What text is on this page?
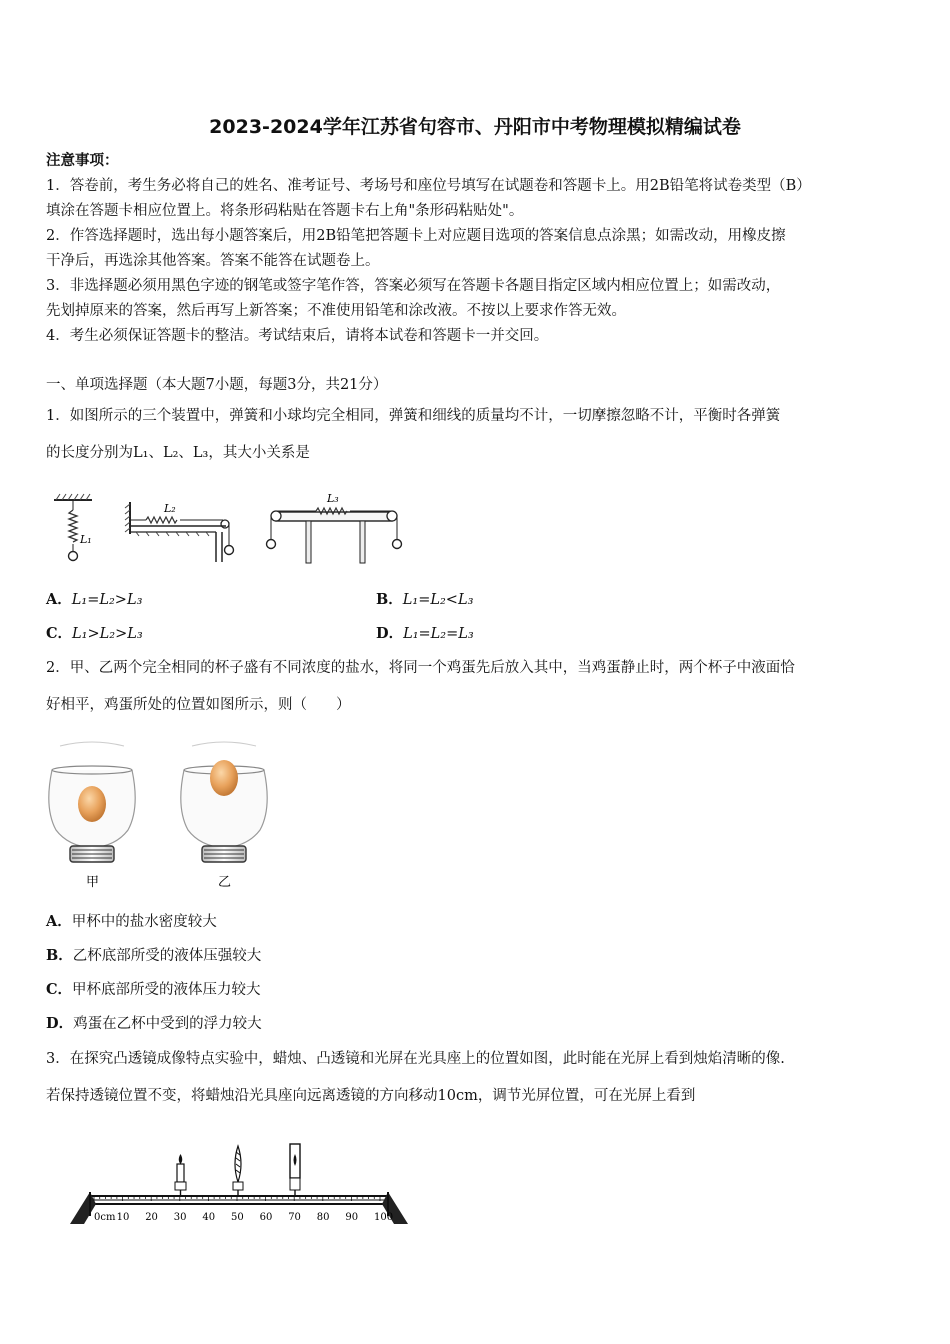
2023-2024学年江苏省句容市、丹阳市中考物理模拟精编试卷
注意事项：
1．答卷前，考生务必将自己的姓名、准考证号、考场号和座位号填写在试题卷和答题卡上。用2B铅笔将试卷类型（B）
填涂在答题卡相应位置上。将条形码粘贴在答题卡右上角"条形码粘贴处"。
2．作答选择题时，选出每小题答案后，用2B铅笔把答题卡上对应题目选项的答案信息点涂黑；如需改动，用橡皮擦
干净后，再选涂其他答案。答案不能答在试题卷上。
3．非选择题必须用黑色字迹的钢笔或签字笔作答，答案必须写在答题卡各题目指定区域内相应位置上；如需改动，
先划掉原来的答案，然后再写上新答案；不准使用铅笔和涂改液。不按以上要求作答无效。
4．考生必须保证答题卡的整洁。考试结束后，请将本试卷和答题卡一并交回。
一、单项选择题（本大题7小题，每题3分，共21分）
1．如图所示的三个装置中，弹簧和小球均完全相同，弹簧和细线的质量均不计，一切摩擦忽略不计，平衡时各弹簧
的长度分别为L₁、L₂、L₃，其大小关系是
L₁
L₂
L₃
A．L₁=L₂>L₃	B．L₁=L₂<L₃
C．L₁>L₂>L₃	D．L₁=L₂=L₃
2．甲、乙两个完全相同的杯子盛有不同浓度的盐水，将同一个鸡蛋先后放入其中，当鸡蛋静止时，两个杯子中液面恰
好相平，鸡蛋所处的位置如图所示，则（　　）
甲	乙
A．甲杯中的盐水密度较大
B．乙杯底部所受的液体压强较大
C．甲杯底部所受的液体压力较大
D．鸡蛋在乙杯中受到的浮力较大
3．在探究凸透镜成像特点实验中，蜡烛、凸透镜和光屏在光具座上的位置如图，此时能在光屏上看到烛焰清晰的像.
若保持透镜位置不变，将蜡烛沿光具座向远离透镜的方向移动10cm，调节光屏位置，可在光屏上看到
0cm 10 20 30 40 50 60 70 80 90 100
